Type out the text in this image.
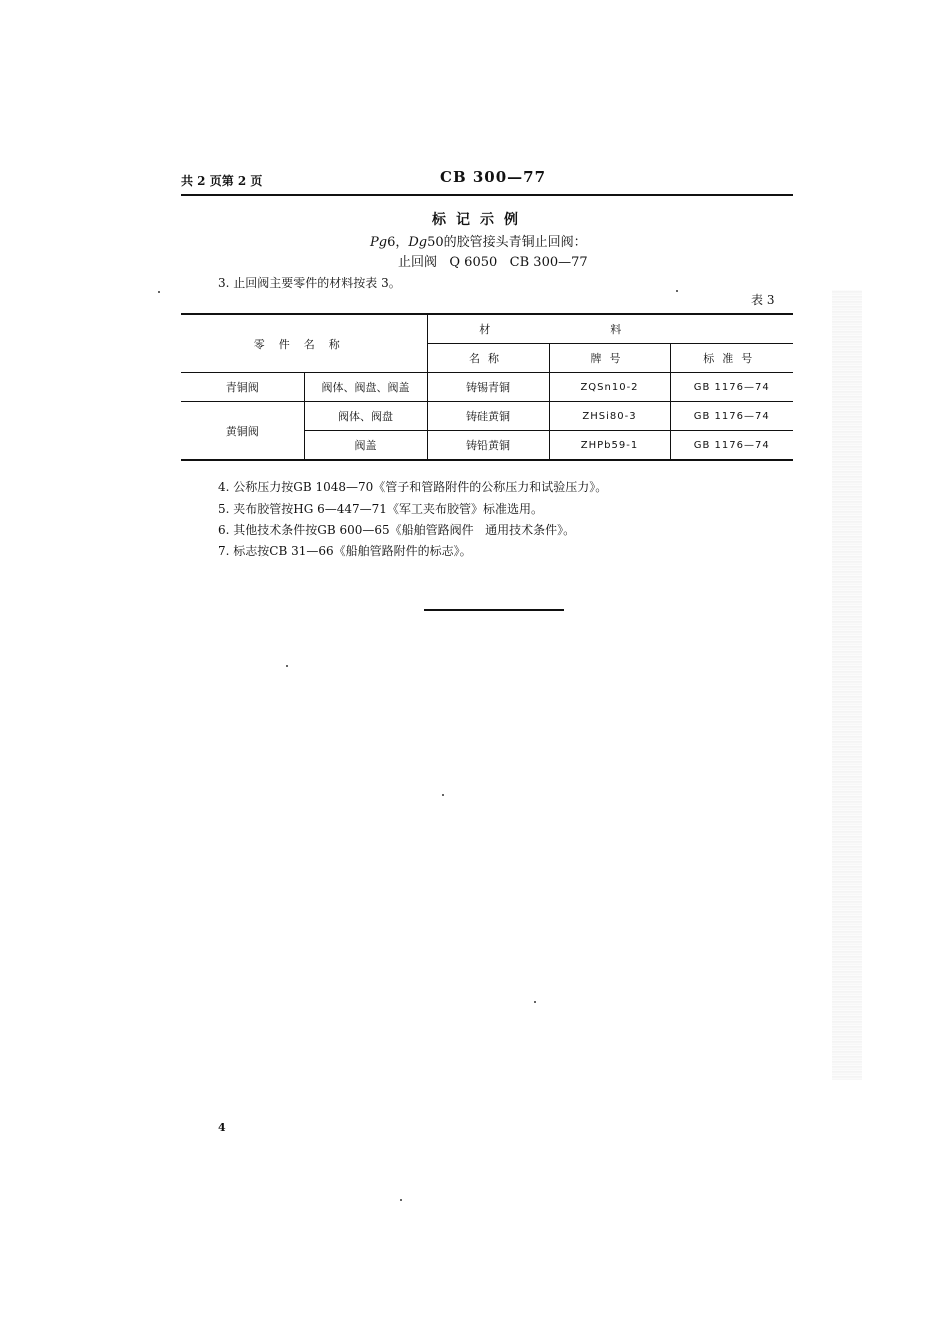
共 2 页第 2 页	CB 300—77
标记示例
Pg6，Dg50的胶管接头青铜止回阀：
止回阀   Q 6050   CB 300—77
3. 止回阀主要零件的材料按表 3。
表 3
零件名称		材料		
		名称	牌号	标准号
青铜阀	阀体、阀盘、阀盖	铸锡青铜	ZQSn10-2	GB 1176—74
黄铜阀	阀体、阀盘	铸硅黄铜	ZHSi80-3	GB 1176—74
	阀盖	铸铅黄铜	ZHPb59-1	GB 1176—74
4. 公称压力按GB 1048—70《管子和管路附件的公称压力和试验压力》。
5. 夹布胶管按HG 6—447—71《军工夹布胶管》标准选用。
6. 其他技术条件按GB 600—65《船舶管路阀件   通用技术条件》。
7. 标志按CB 31—66《船舶管路附件的标志》。
4
